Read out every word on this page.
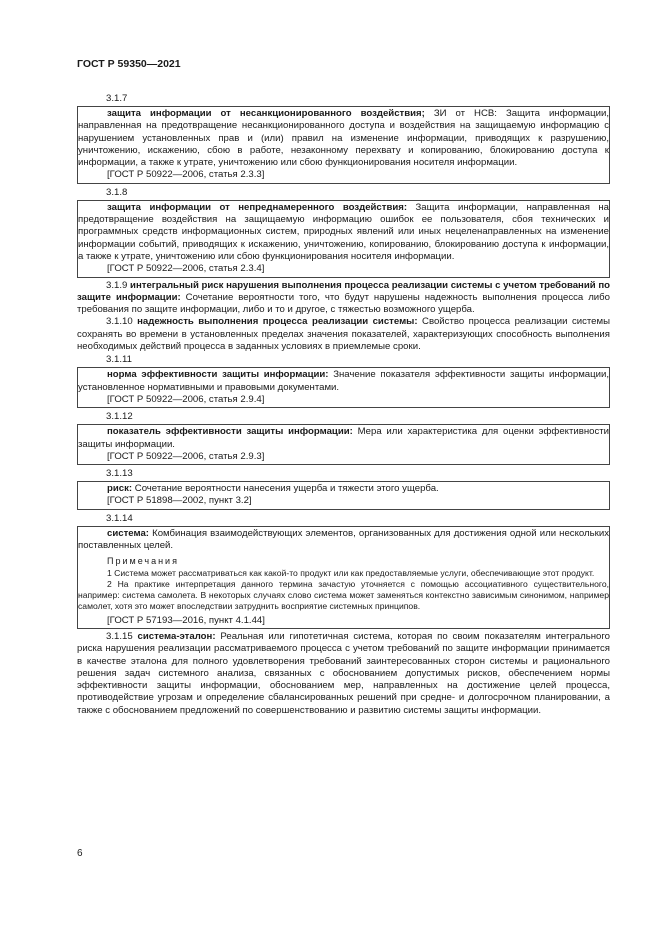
ГОСТ Р 59350—2021
3.1.7

защита информации от несанкционированного воздействия; ЗИ от НСВ: Защита информации, направленная на предотвращение несанкционированного доступа и воздействия на защищаемую информацию с нарушением установленных прав и (или) правил на изменение информации, приводящих к разрушению, уничтожению, искажению, сбою в работе, незаконному перехвату и копированию, блокированию доступа к информации, а также к утрате, уничтожению или сбою функционирования носителя информации.

[ГОСТ Р 50922—2006, статья 2.3.3]

3.1.8

защита информации от непреднамеренного воздействия: Защита информации, направленная на предотвращение воздействия на защищаемую информацию ошибок ее пользователя, сбоя технических и программных средств информационных систем, природных явлений или иных нецеленаправленных на изменение информации событий, приводящих к искажению, уничтожению, копированию, блокированию доступа к информации, а также к утрате, уничтожению или сбою функционирования носителя информации.

[ГОСТ Р 50922—2006, статья 2.3.4]

3.1.9 интегральный риск нарушения выполнения процесса реализации системы с учетом требований по защите информации: Сочетание вероятности того, что будут нарушены надежность выполнения процесса либо требования по защите информации, либо и то и другое, с тяжестью возможного ущерба.

3.1.10 надежность выполнения процесса реализации системы: Свойство процесса реализации системы сохранять во времени в установленных пределах значения показателей, характеризующих способность выполнения необходимых действий процесса в заданных условиях в приемлемые сроки.

3.1.11

норма эффективности защиты информации: Значение показателя эффективности защиты информации, установленное нормативными и правовыми документами.

[ГОСТ Р 50922—2006, статья 2.9.4]

3.1.12

показатель эффективности защиты информации: Мера или характеристика для оценки эффективности защиты информации.

[ГОСТ Р 50922—2006, статья 2.9.3]

3.1.13

риск: Сочетание вероятности нанесения ущерба и тяжести этого ущерба.

[ГОСТ Р 51898—2002, пункт 3.2]

3.1.14

система: Комбинация взаимодействующих элементов, организованных для достижения одной или нескольких поставленных целей.

Примечания

1 Система может рассматриваться как какой-то продукт или как предоставляемые услуги, обеспечивающие этот продукт.

2 На практике интерпретация данного термина зачастую уточняется с помощью ассоциативного существительного, например: система самолета. В некоторых случаях слово система может заменяться контекстно зависимым синонимом, например самолет, хотя это может впоследствии затруднить восприятие системных принципов.

[ГОСТ Р 57193—2016, пункт 4.1.44]

3.1.15 система-эталон: Реальная или гипотетичная система, которая по своим показателям интегрального риска нарушения реализации рассматриваемого процесса с учетом требований по защите информации принимается в качестве эталона для полного удовлетворения требований заинтересованных сторон системы и рационального решения задач системного анализа, связанных с обоснованием допустимых рисков, обеспечением нормы эффективности защиты информации, обоснованием мер, направленных на достижение целей процесса, противодействие угрозам и определение сбалансированных решений при средне- и долгосрочном планировании, а также с обоснованием предложений по совершенствованию и развитию системы защиты информации.

6
